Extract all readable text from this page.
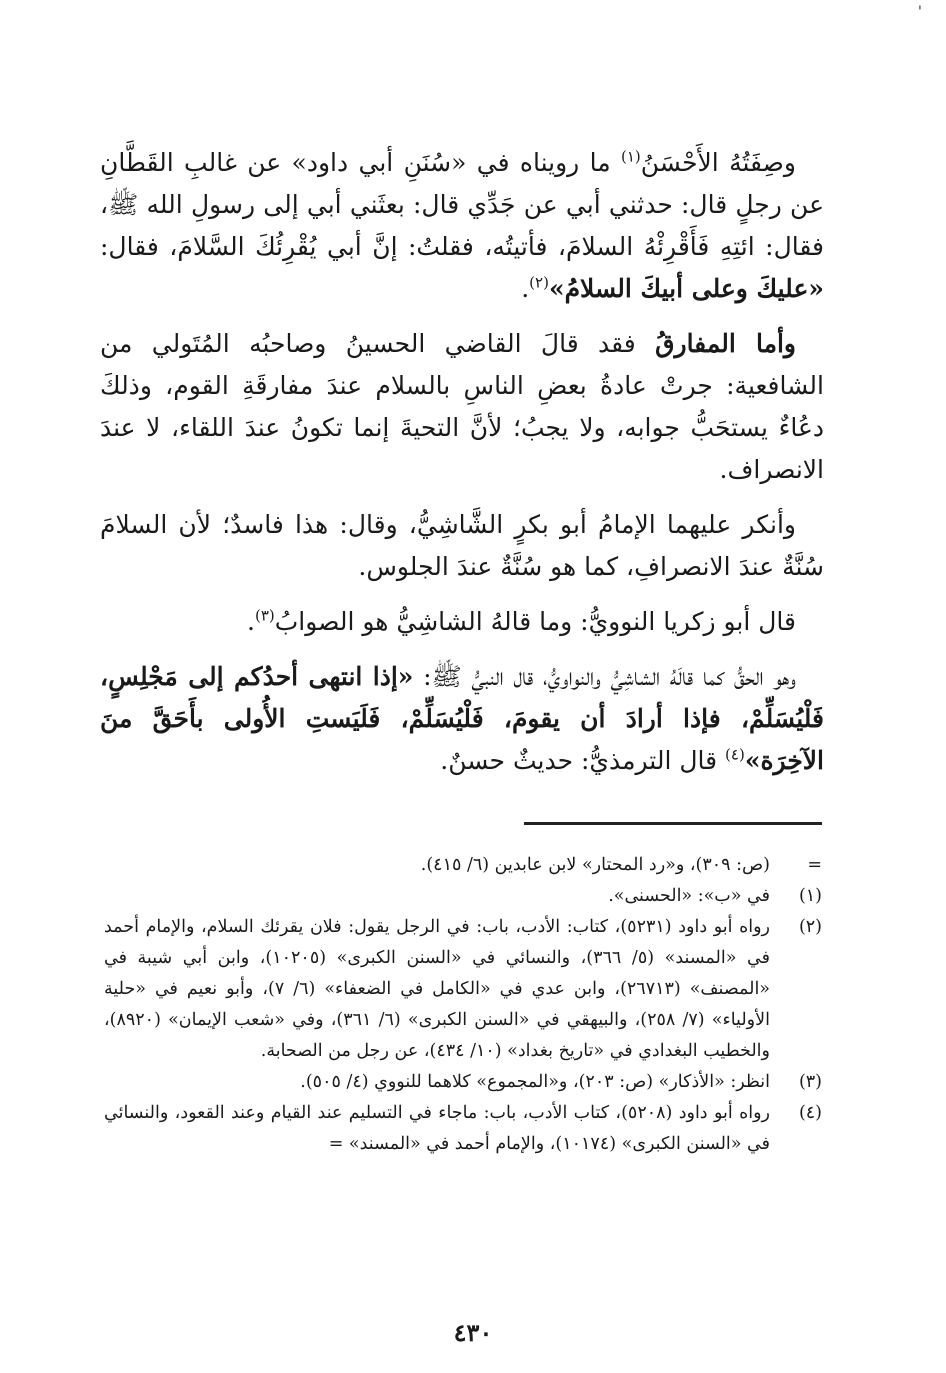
'

وصِفَتُهُ الأَحْسَنُ$^{(١)}$ ما رويناه في «سُنَنِ أبي داود» عن غالبِ القَطَّانِ عن رجلٍ قال: حدثني أبي عن جَدِّي قال: بعثَني أبي إلى رسولِ الله ﷺ، فقال: ائتِهِ فَأَقْرِئْهُ السلامَ، فأتيتُه، فقلتُ: إنَّ أبي يُقْرِئُكَ السَّلامَ، فقال: «عليكَ وعلى أبيكَ السلامُ»$^{(٢)}$.

وأما المفارقُ فقد قالَ القاضي الحسينُ وصاحبُه المُتَولي من الشافعية: جرتْ عادةُ بعضِ الناسِ بالسلام عندَ مفارقَةِ القوم، وذلكَ دعُاءٌ يستحَبُّ جوابه، ولا يجبُ؛ لأنَّ التحيةَ إنما تكونُ عندَ اللقاء، لا عندَ الانصراف.

وأنكر عليهما الإمامُ أبو بكرٍ الشَّاشِيُّ، وقال: هذا فاسدٌ؛ لأن السلامَ سُنَّةٌ عندَ الانصرافِ، كما هو سُنَّةٌ عندَ الجلوس.

قال أبو زكريا النوويُّ: وما قالهُ الشاشِيُّ هو الصوابُ$^{(٣)}$.

وهو الحقُّ كما قالَهُ الشاشِيُّ والنواويُّ، قال النبيُّ ﷺ: «إذا انتهى أحدُكم إلى مَجْلِسٍ، فَلْيُسَلِّمْ، فإذا أرادَ أن يقومَ، فَلْيُسَلِّمْ، فَلَيَستِ الأُولى بأَحَقَّ منَ الآخِرَة»$^{(٤)}$ قال الترمذيُّ: حديثٌ حسنٌ.

=
(ص: ٣٠٩)، و«رد المحتار» لابن عابدين (٦/ ٤١٥).
(١)
في «ب»: «الحسنى».
(٢)
رواه أبو داود (٥٢٣١)، كتاب: الأدب، باب: في الرجل يقول: فلان يقرئك السلام، والإمام أحمد في «المسند» (٥/ ٣٦٦)، والنسائي في «السنن الكبرى» (١٠٢٠٥)، وابن أبي شيبة في «المصنف» (٢٦٧١٣)، وابن عدي في «الكامل في الضعفاء» (٦/ ٧)، وأبو نعيم في «حلية الأولياء» (٧/ ٢٥٨)، والبيهقي في «السنن الكبرى» (٦/ ٣٦١)، وفي «شعب الإيمان» (٨٩٢٠)، والخطيب البغدادي في «تاريخ بغداد» (١٠/ ٤٣٤)، عن رجل من الصحابة.
(٣)
انظر: «الأذكار» (ص: ٢٠٣)، و«المجموع» كلاهما للنووي (٤/ ٥٠٥).
(٤)
رواه أبو داود (٥٢٠٨)، كتاب الأدب، باب: ماجاء في التسليم عند القيام وعند القعود، والنسائي في «السنن الكبرى» (١٠١٧٤)، والإمام أحمد في «المسند» =
٤٣٠
